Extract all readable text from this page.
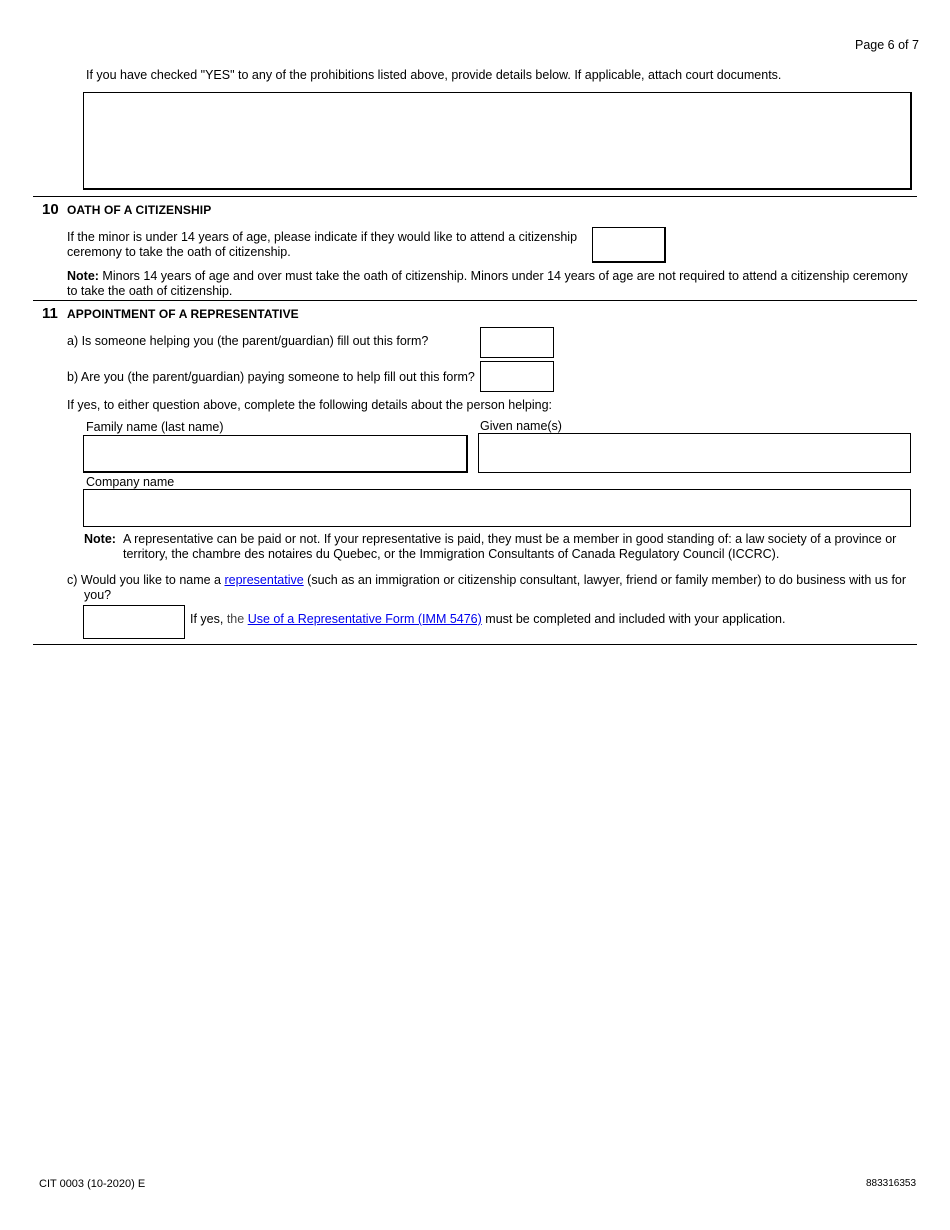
Page 6 of 7
If you have checked "YES" to any of the prohibitions listed above, provide details below. If applicable, attach court documents.
10 OATH OF A CITIZENSHIP
If the minor is under 14 years of age, please indicate if they would like to attend a citizenship
ceremony to take the oath of citizenship.
Note: Minors 14 years of age and over must take the oath of citizenship. Minors under 14 years of age are not required to attend a citizenship ceremony
to take the oath of citizenship.
11 APPOINTMENT OF A REPRESENTATIVE
a) Is someone helping you (the parent/guardian) fill out this form?
b) Are you (the parent/guardian) paying someone to help fill out this form?
If yes, to either question above, complete the following details about the person helping:
Family name (last name)	Given name(s)
Company name
Note: A representative can be paid or not. If your representative is paid, they must be a member in good standing of: a law society of a province or
territory, the chambre des notaires du Quebec, or the Immigration Consultants of Canada Regulatory Council (ICCRC).
c) Would you like to name a representative (such as an immigration or citizenship consultant, lawyer, friend or family member) to do business with us for
you?
If yes, the Use of a Representative Form (IMM 5476) must be completed and included with your application.
CIT 0003 (10-2020) E	883316353
